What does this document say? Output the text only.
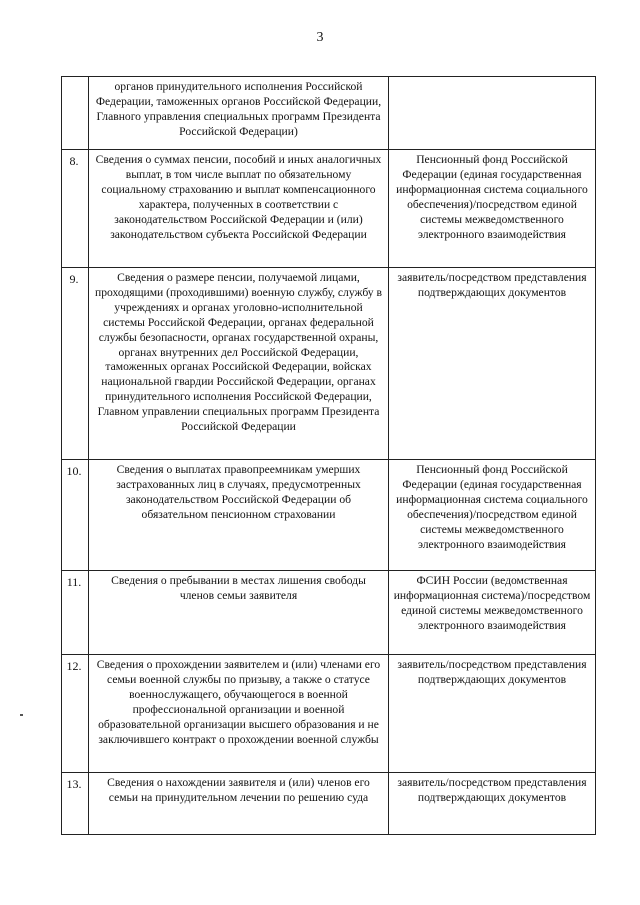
3
	органов принудительного исполнения Российской Федерации, таможенных органов Российской Федерации, Главного управления специальных программ Президента Российской Федерации)	
8.	Сведения о суммах пенсии, пособий и иных аналогичных выплат, в том числе выплат по обязательному социальному страхованию и выплат компенсационного характера, полученных в соответствии с законодательством Российской Федерации и (или) законодательством субъекта Российской Федерации	Пенсионный фонд Российской Федерации (единая государственная информационная система социального обеспечения)/посредством единой системы межведомственного электронного взаимодействия
9.	Сведения о размере пенсии, получаемой лицами, проходящими (проходившими) военную службу, службу в учреждениях и органах уголовно-исполнительной системы Российской Федерации, органах федеральной службы безопасности, органах государственной охраны, органах внутренних дел Российской Федерации, таможенных органах Российской Федерации, войсках национальной гвардии Российской Федерации, органах принудительного исполнения Российской Федерации, Главном управлении специальных программ Президента Российской Федерации	заявитель/посредством представления подтверждающих документов
10.	Сведения о выплатах правопреемникам умерших застрахованных лиц в случаях, предусмотренных законодательством Российской Федерации об обязательном пенсионном страховании	Пенсионный фонд Российской Федерации (единая государственная информационная система социального обеспечения)/посредством единой системы межведомственного электронного взаимодействия
11.	Сведения о пребывании в местах лишения свободы членов семьи заявителя	ФСИН России (ведомственная информационная система)/посредством единой системы межведомственного электронного взаимодействия
12.	Сведения о прохождении заявителем и (или) членами его семьи военной службы по призыву, а также о статусе военнослужащего, обучающегося в военной профессиональной организации и военной образовательной организации высшего образования и не заключившего контракт о прохождении военной службы	заявитель/посредством представления подтверждающих документов
13.	Сведения о нахождении заявителя и (или) членов его семьи на принудительном лечении по решению суда	заявитель/посредством представления подтверждающих документов
